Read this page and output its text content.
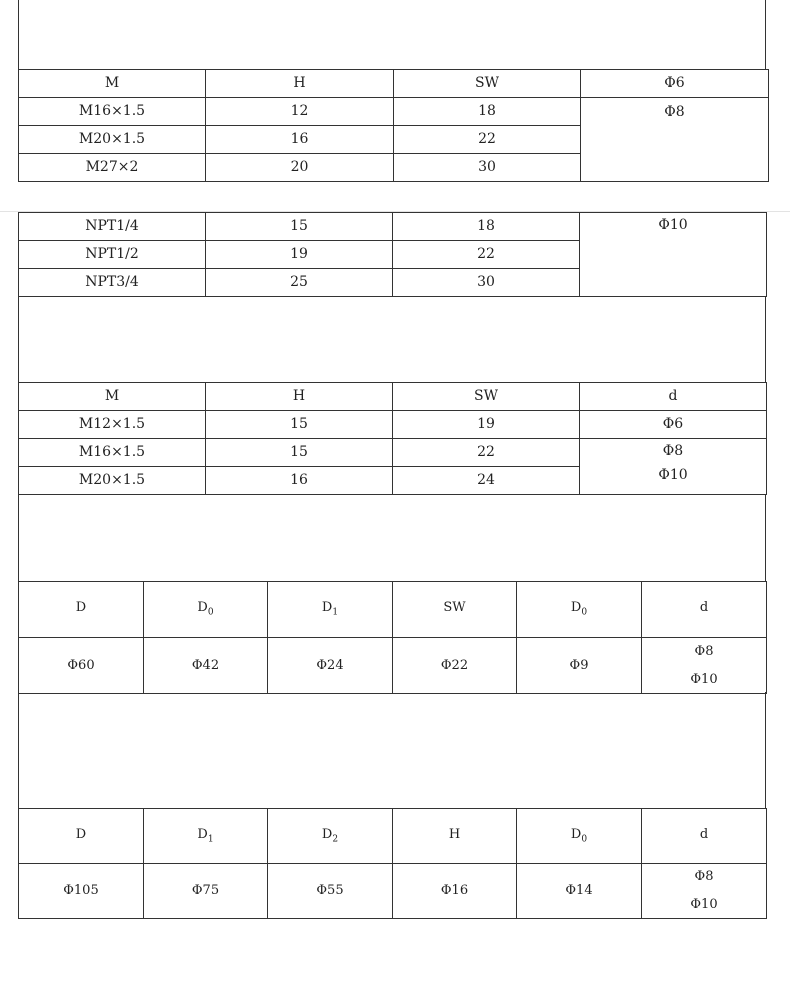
M	H	SW	Φ6
M16×1.5	12	18	Φ8
M20×1.5	16	22	
M27×2	20	30	
NPT1/4	15	18	Φ10
NPT1/2	19	22	
NPT3/4	25	30	
M	H	SW	d
M12×1.5	15	19	Φ6
M16×1.5	15	22	Φ8
Φ10

M20×1.5	16	24	
D	$D_0$	$D_1$	SW	$D_0$	d
Φ60	Φ42	Φ24	Φ22	Φ9	Φ8
Φ10
D	$D_1$	$D_2$	H	$D_0$	d
Φ105	Φ75	Φ55	Φ16	Φ14	Φ8
Φ10
